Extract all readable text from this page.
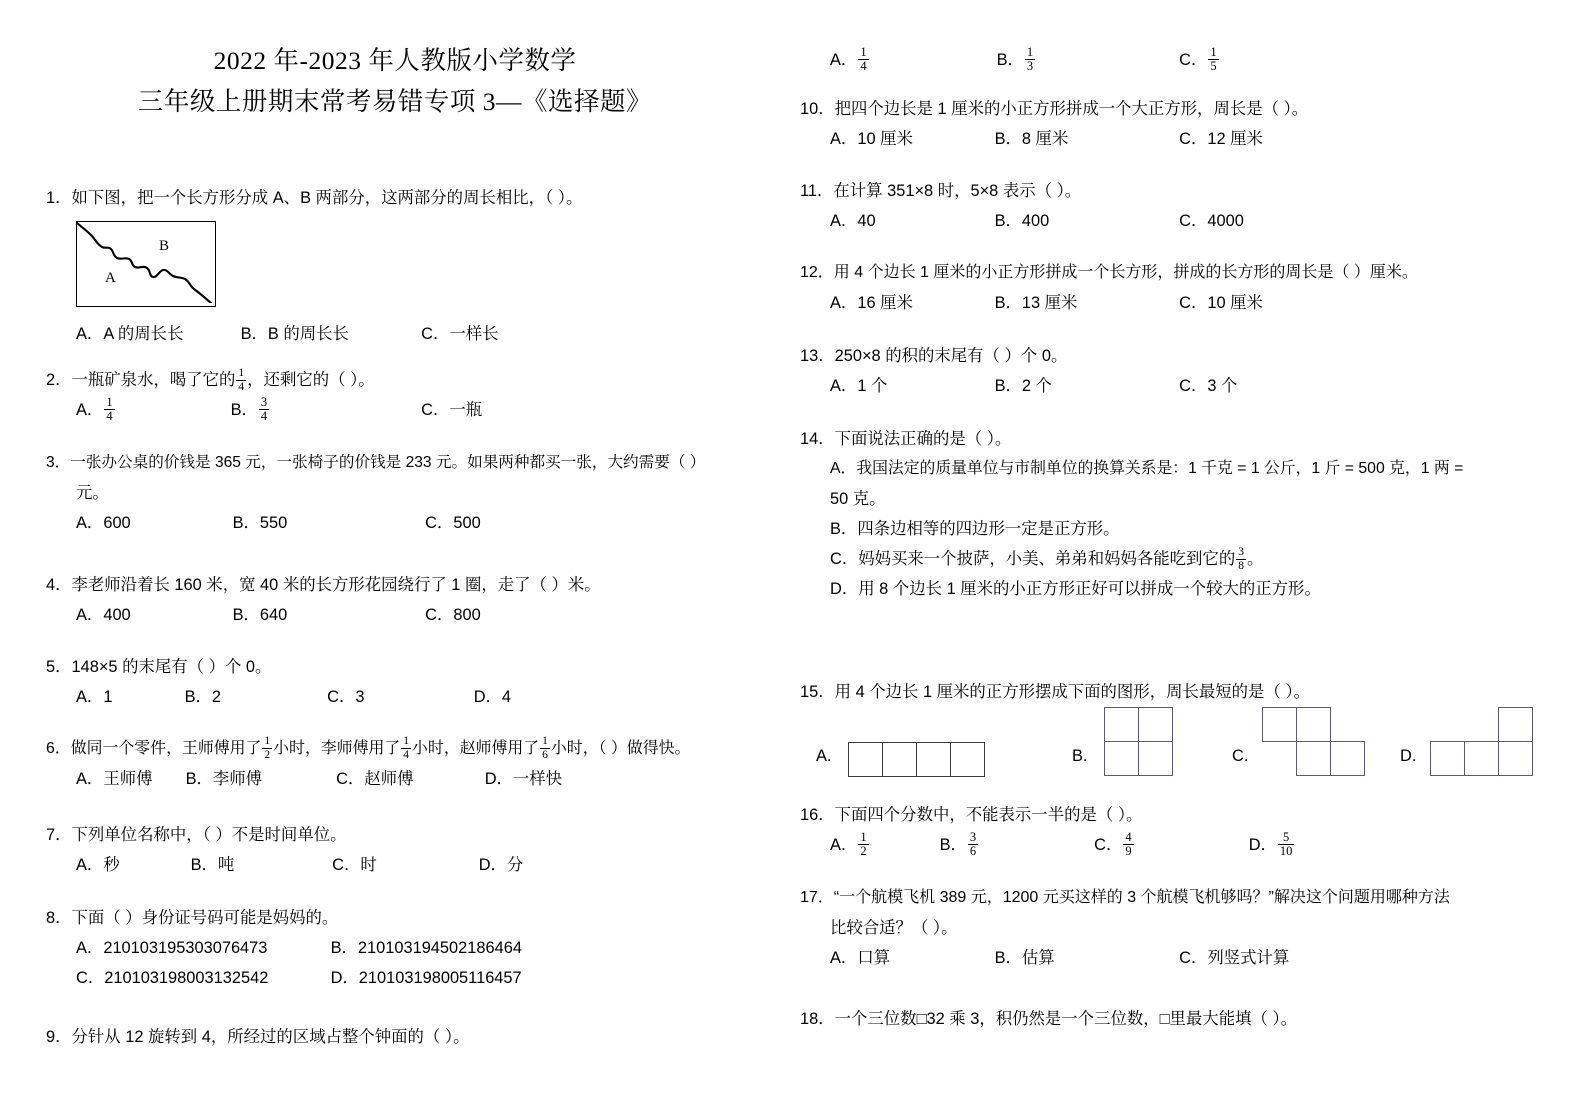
2022 年-2023 年人教版小学数学
三年级上册期末常考易错专项 3—《选择题》
1．如下图，把一个长方形分成 A、B 两部分，这两部分的周长相比，（ ）。
A
B
A．A 的周长长	B．B 的周长长	C．一样长
2．一瓶矿泉水，喝了它的 $\frac{1}{4}$ ，还剩它的（ ）。
A． $\frac{1}{4}$	B． $\frac{3}{4}$	C．一瓶
3．一张办公桌的价钱是 365 元，一张椅子的价钱是 233 元。如果两种都买一张，大约需要（ ）
元。
A．600	B．550	C．500
4．李老师沿着长 160 米，宽 40 米的长方形花园绕行了 1 圈，走了（ ）米。
A．400	B．640	C．800
5．148×5 的末尾有（ ）个 0。
A．1	B．2	C．3	D．4
6．做同一个零件，王师傅用了 $\frac{1}{2}$ 小时，李师傅用了 $\frac{1}{4}$ 小时，赵师傅用了 $\frac{1}{6}$ 小时，（ ）做得快。
A．王师傅 B．李师傅	C．赵师傅	D．一样快
7．下列单位名称中，（ ）不是时间单位。
A．秒	B．吨	C．时	D．分
8．下面（ ）身份证号码可能是妈妈的。
A．210103195303076473	B．210103194502186464
C．210103198003132542	D．210103198005116457
9．分针从 12 旋转到 4，所经过的区域占整个钟面的（ ）。
A． $\frac{1}{4}$	B． $\frac{1}{3}$	C． $\frac{1}{5}$
10．把四个边长是 1 厘米的小正方形拼成一个大正方形，周长是（ ）。
A．10 厘米	B．8 厘米	C．12 厘米
11．在计算 351×8 时，5×8 表示（ ）。
A．40	B．400	C．4000
12．用 4 个边长 1 厘米的小正方形拼成一个长方形，拼成的长方形的周长是（ ）厘米。
A．16 厘米	B．13 厘米	C．10 厘米
13．250×8 的积的末尾有（ ）个 0。
A．1 个	B．2 个	C．3 个
14．下面说法正确的是（ ）。
A．我国法定的质量单位与市制单位的换算关系是：1 千克 = 1 公斤，1 斤 = 500 克，1 两 =
50 克。
B．四条边相等的四边形一定是正方形。
C．妈妈买来一个披萨，小美、弟弟和妈妈各能吃到它的 $\frac{3}{8}$ 。
D．用 8 个边长 1 厘米的小正方形正好可以拼成一个较大的正方形。
15．用 4 个边长 1 厘米的正方形摆成下面的图形，周长最短的是（ ）。
A.	B.	C.	D.
16．下面四个分数中，不能表示一半的是（ ）。
A． $\frac{1}{2}$	B． $\frac{3}{6}$	C． $\frac{4}{9}$	D． $\frac{5}{10}$
17．“一个航模飞机 389 元，1200 元买这样的 3 个航模飞机够吗？”解决这个问题用哪种方法
比较合适？（ ）。
A．口算	B．估算	C．列竖式计算
18．一个三位数□32 乘 3，积仍然是一个三位数，□里最大能填（ ）。
